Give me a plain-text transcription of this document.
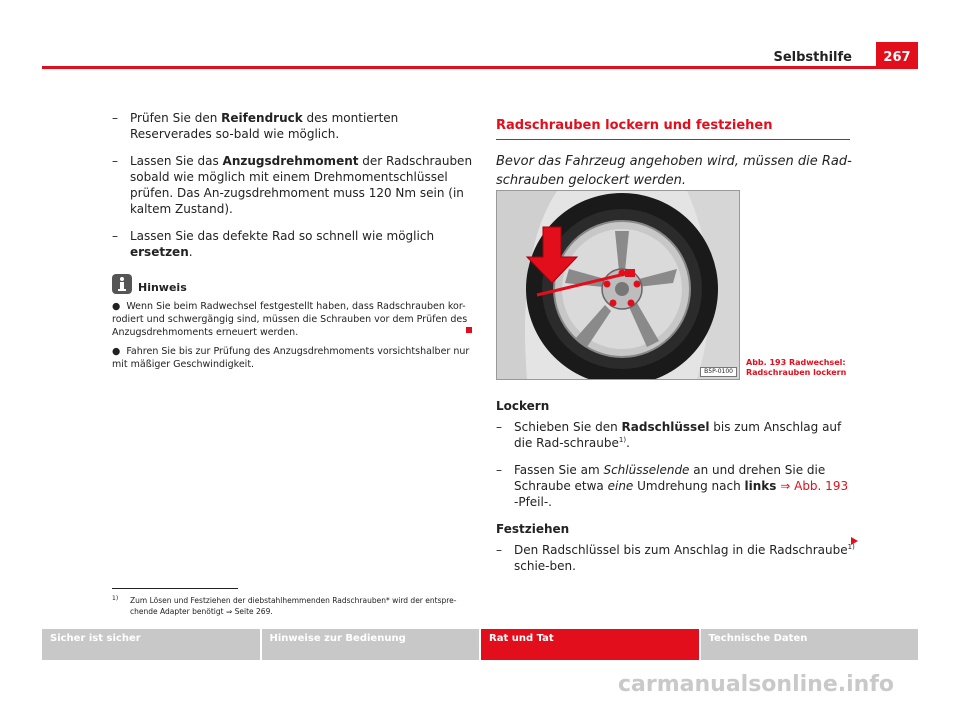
267
Selbsthilfe
– Prüfen Sie den Reifendruck des montierten Reserverades so-bald wie möglich.
– Lassen Sie das Anzugsdrehmoment der Radschrauben sobald wie möglich mit einem Drehmomentschlüssel prüfen. Das An-zugsdrehmoment muss 120 Nm sein (in kaltem Zustand).
– Lassen Sie das defekte Rad so schnell wie möglich ersetzen.
Hinweis

● Wenn Sie beim Radwechsel festgestellt haben, dass Radschrauben kor-rodiert und schwergängig sind, müssen die Schrauben vor dem Prüfen des Anzugsdrehmoments erneuert werden.

● Fahren Sie bis zur Prüfung des Anzugsdrehmoments vorsichtshalber nur mit mäßiger Geschwindigkeit.

Radschrauben lockern und festziehen
Bevor das Fahrzeug angehoben wird, müssen die Rad-schrauben gelockert werden.
B5P-0100
Abb. 193 Radwechsel:
Radschrauben lockern
Lockern
– Schieben Sie den Radschlüssel bis zum Anschlag auf die Rad-schraube$^{1)}$.
– Fassen Sie am Schlüsselende an und drehen Sie die Schraube etwa eine Umdrehung nach links ⇒ Abb. 193 -Pfeil-.
Festziehen
– Den Radschlüssel bis zum Anschlag in die Radschraube$^{1)}$ schie-ben.
1)	Zum Lösen und Festziehen der diebstahlhemmenden Radschrauben* wird der entspre-chende Adapter benötigt ⇒ Seite 269.
Sicher ist sicher	Hinweise zur Bedienung	Rat und Tat	Technische Daten
carmanualsonline.info
